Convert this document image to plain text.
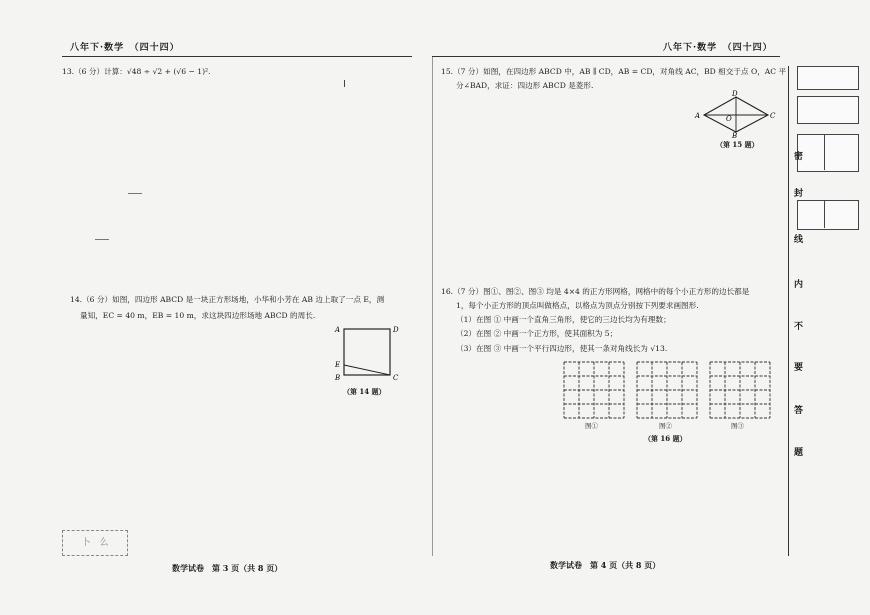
八年下·数学　（四十四）
13.（6 分）计算：√48 ÷ √2 + (√6 − 1)².
14.（6 分）如图，四边形 ABCD 是一块正方形场地，小华和小芳在 AB 边上取了一点 E，测
量知，EC = 40 m，EB = 10 m，求这块四边形场地 ABCD 的周长.
A	D
E
B	C
（第 14 题）
卜　么
数学试卷　第 3 页（共 8 页）
八年下·数学　（四十四）
15.（7 分）如图，在四边形 ABCD 中，AB ∥ CD，AB = CD，对角线 AC，BD 相交于点 O，AC 平
分∠BAD，求证：四边形 ABCD 是菱形.
A
D
C
B
O
（第 15 题）
16.（7 分）图①、图②、图③ 均是 4×4 的正方形网格，网格中的每个小正方形的边长都是
1，每个小正方形的顶点叫做格点，以格点为顶点分别按下列要求画图形.
（1）在图 ① 中画一个直角三角形，使它的三边长均为有理数；
（2）在图 ② 中画一个正方形，使其面积为 5；
（3）在图 ③ 中画一个平行四边形，使其一条对角线长为 √13.
图①	图②	图③
（第 16 题）
数学试卷　第 4 页（共 8 页）
密
封
线
内
不
要
答
题
